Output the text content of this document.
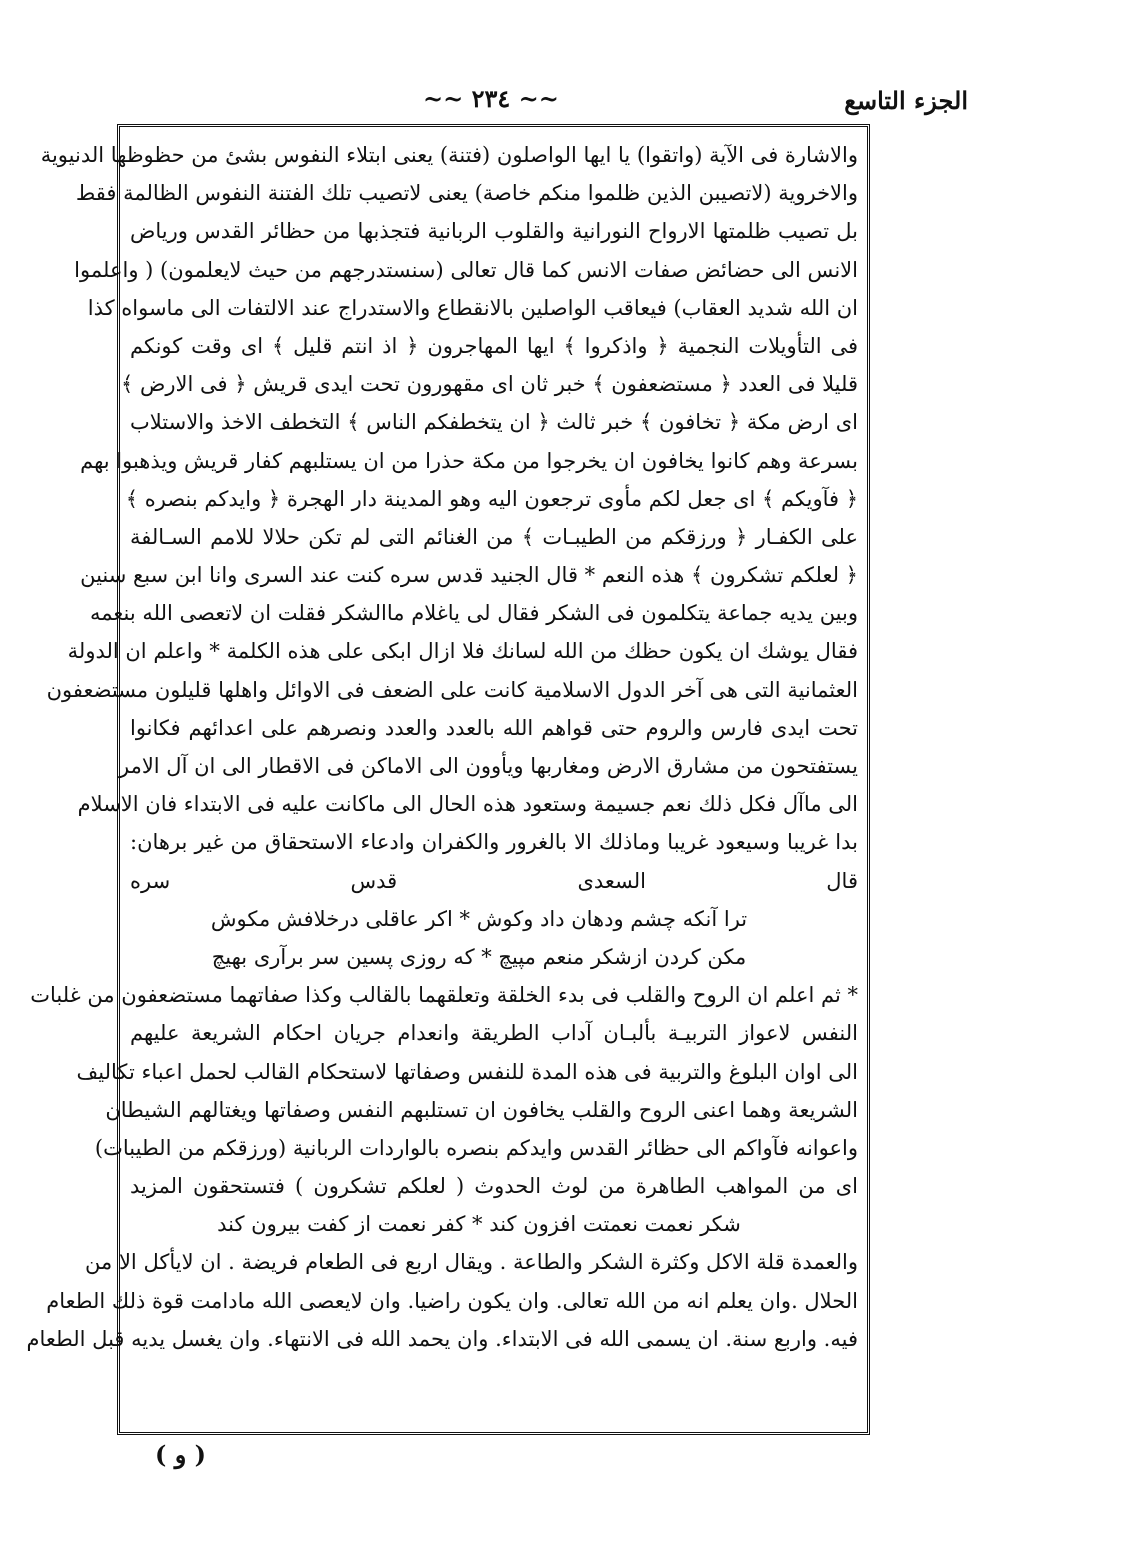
الجزء التاسع
~~ ٢٣٤ ~~
والاشارة فى الآية (واتقوا) يا ايها الواصلون (فتنة) يعنى ابتلاء النفوس بشئ من حظوظها الدنيوية
والاخروية (لاتصيبن الذين ظلموا منكم خاصة) يعنى لاتصيب تلك الفتنة النفوس الظالمة فقط
بل تصيب ظلمتها الارواح النورانية والقلوب الربانية فتجذبها من حظائر القدس ورياض
الانس الى حضائض صفات الانس كما قال تعالى (سنستدرجهم من حيث لايعلمون) ( واعلموا
ان الله شديد العقاب) فيعاقب الواصلين بالانقطاع والاستدراج عند الالتفات الى ماسواه كذا
فى التأويلات النجمية ﴿ واذكروا ﴾ ايها المهاجرون ﴿ اذ انتم قليل ﴾ اى وقت كونكم
قليلا فى العدد ﴿ مستضعفون ﴾ خبر ثان اى مقهورون تحت ايدى قريش ﴿ فى الارض ﴾
اى ارض مكة ﴿ تخافون ﴾ خبر ثالث ﴿ ان يتخطفكم الناس ﴾ التخطف الاخذ والاستلاب
بسرعة وهم كانوا يخافون ان يخرجوا من مكة حذرا من ان يستلبهم كفار قريش ويذهبوا بهم
﴿ فآويكم ﴾ اى جعل لكم مأوى ترجعون اليه وهو المدينة دار الهجرة ﴿ وايدكم بنصره ﴾
على الكفـار ﴿ ورزقكم من الطيبـات ﴾ من الغنائم التى لم تكن حلالا للامم السـالفة
﴿ لعلكم تشكرون ﴾ هذه النعم * قال الجنيد قدس سره كنت عند السرى وانا ابن سبع سنين
وبين يديه جماعة يتكلمون فى الشكر فقال لى ياغلام ماالشكر فقلت ان لاتعصى الله بنعمه
فقال يوشك ان يكون حظك من الله لسانك فلا ازال ابكى على هذه الكلمة * واعلم ان الدولة
العثمانية التى هى آخر الدول الاسلامية كانت على الضعف فى الاوائل واهلها قليلون مستضعفون
تحت ايدى فارس والروم حتى قواهم الله بالعدد والعدد ونصرهم على اعدائهم فكانوا
يستفتحون من مشارق الارض ومغاربها ويأوون الى الاماكن فى الاقطار الى ان آل الامر
الى ماآل فكل ذلك نعم جسيمة وستعود هذه الحال الى ماكانت عليه فى الابتداء فان الاسلام
بدا غريبا وسيعود غريبا وماذلك الا بالغرور والكفران وادعاء الاستحقاق من غير برهان:
قال السعدى قدس سره
ترا آنكه چشم ودهان داد وكوش * اكر عاقلى درخلافش مكوش
مكن كردن ازشكر منعم مپيچ * كه روزى پسين سر برآرى بهيچ
* ثم اعلم ان الروح والقلب فى بدء الخلقة وتعلقهما بالقالب وكذا صفاتهما مستضعفون من غلبات
النفس لاعواز التربيـة بألبـان آداب الطريقة وانعدام جريان احكام الشريعة عليهم
الى اوان البلوغ والتربية فى هذه المدة للنفس وصفاتها لاستحكام القالب لحمل اعباء تكاليف
الشريعة وهما اعنى الروح والقلب يخافون ان تستلبهم النفس وصفاتها ويغتالهم الشيطان
واعوانه فآواكم الى حظائر القدس وايدكم بنصره بالواردات الربانية (ورزقكم من الطيبات)
اى من المواهب الطاهرة من لوث الحدوث ( لعلكم تشكرون ) فتستحقون المزيد
شكر نعمت نعمتت افزون كند * كفر نعمت از كفت بيرون كند
والعمدة قلة الاكل وكثرة الشكر والطاعة . ويقال اربع فى الطعام فريضة . ان لايأكل الا من
الحلال .وان يعلم انه من الله تعالى. وان يكون راضيا. وان لايعصى الله مادامت قوة ذلك الطعام
فيه. واربع سنة. ان يسمى الله فى الابتداء. وان يحمد الله فى الانتهاء. وان يغسل يديه قبل الطعام
( و )
